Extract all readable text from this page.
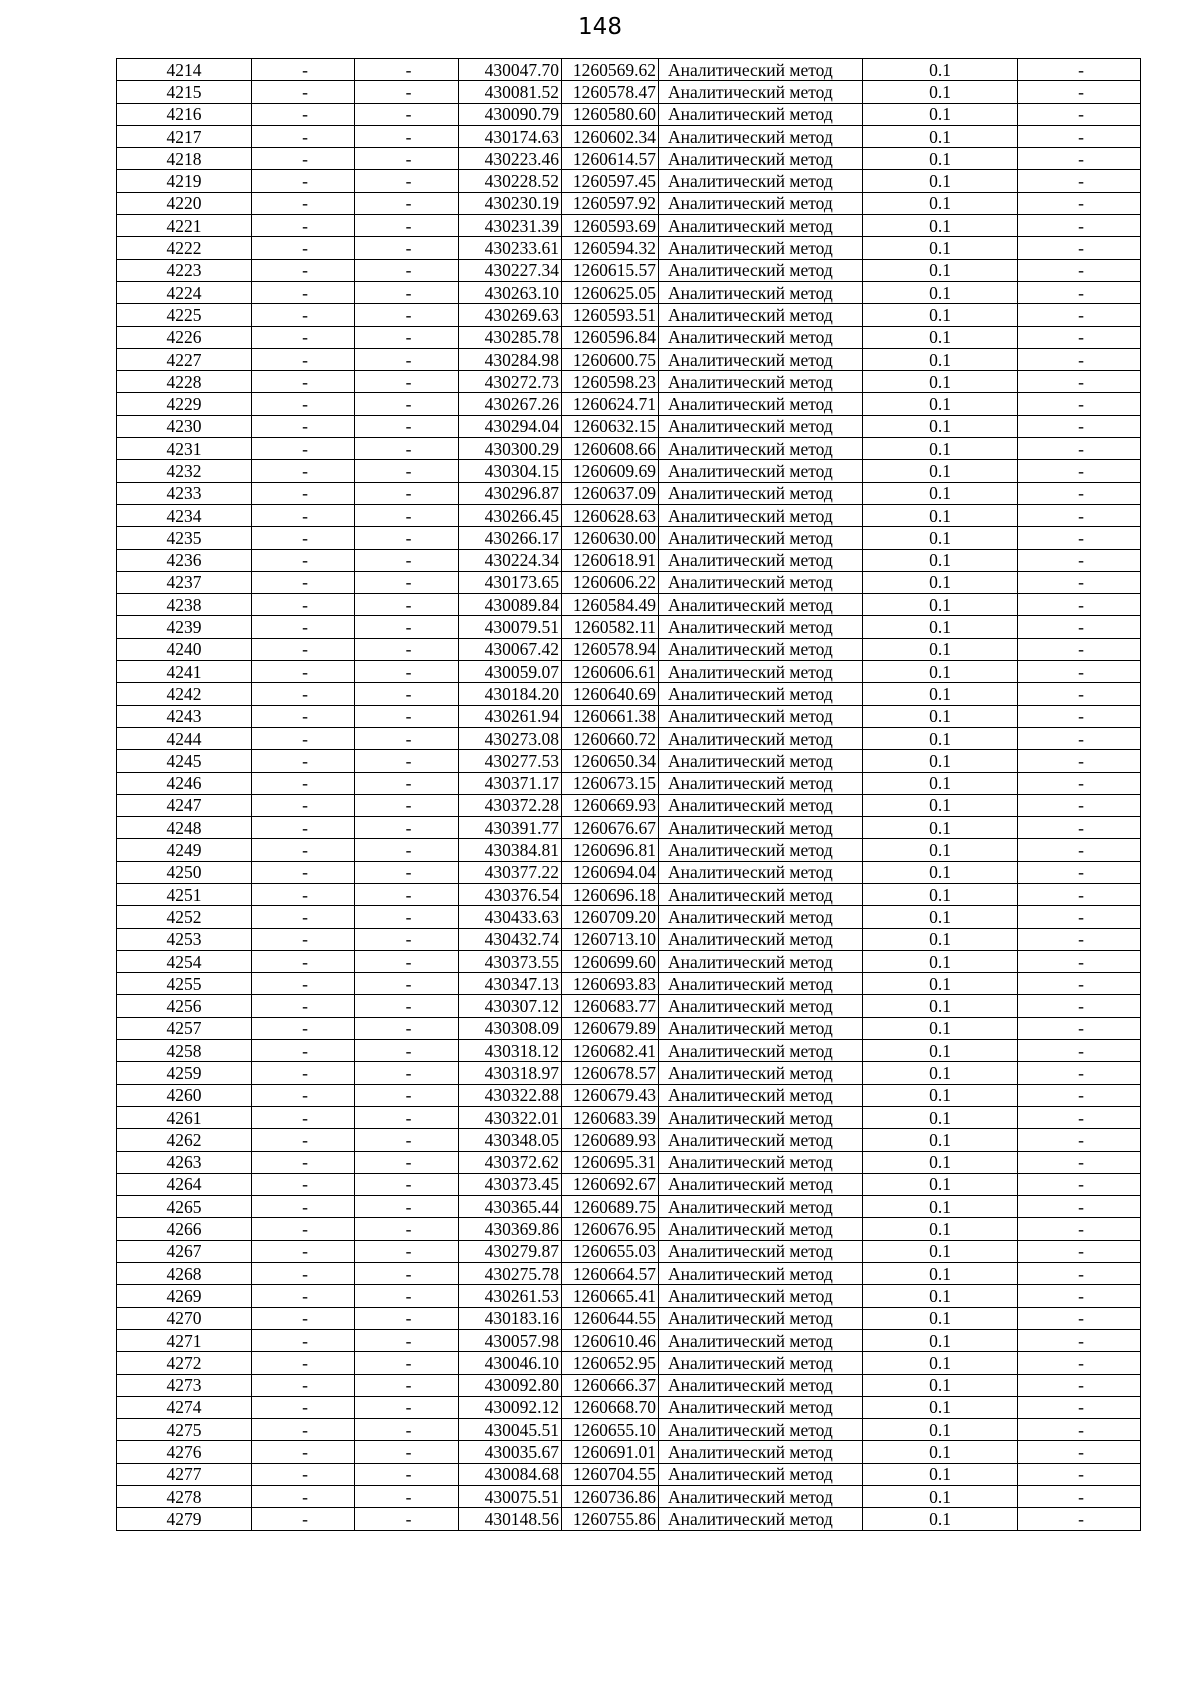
148
4214	-	-	430047.70	1260569.62	Аналитический метод	0.1	-
4215	-	-	430081.52	1260578.47	Аналитический метод	0.1	-
4216	-	-	430090.79	1260580.60	Аналитический метод	0.1	-
4217	-	-	430174.63	1260602.34	Аналитический метод	0.1	-
4218	-	-	430223.46	1260614.57	Аналитический метод	0.1	-
4219	-	-	430228.52	1260597.45	Аналитический метод	0.1	-
4220	-	-	430230.19	1260597.92	Аналитический метод	0.1	-
4221	-	-	430231.39	1260593.69	Аналитический метод	0.1	-
4222	-	-	430233.61	1260594.32	Аналитический метод	0.1	-
4223	-	-	430227.34	1260615.57	Аналитический метод	0.1	-
4224	-	-	430263.10	1260625.05	Аналитический метод	0.1	-
4225	-	-	430269.63	1260593.51	Аналитический метод	0.1	-
4226	-	-	430285.78	1260596.84	Аналитический метод	0.1	-
4227	-	-	430284.98	1260600.75	Аналитический метод	0.1	-
4228	-	-	430272.73	1260598.23	Аналитический метод	0.1	-
4229	-	-	430267.26	1260624.71	Аналитический метод	0.1	-
4230	-	-	430294.04	1260632.15	Аналитический метод	0.1	-
4231	-	-	430300.29	1260608.66	Аналитический метод	0.1	-
4232	-	-	430304.15	1260609.69	Аналитический метод	0.1	-
4233	-	-	430296.87	1260637.09	Аналитический метод	0.1	-
4234	-	-	430266.45	1260628.63	Аналитический метод	0.1	-
4235	-	-	430266.17	1260630.00	Аналитический метод	0.1	-
4236	-	-	430224.34	1260618.91	Аналитический метод	0.1	-
4237	-	-	430173.65	1260606.22	Аналитический метод	0.1	-
4238	-	-	430089.84	1260584.49	Аналитический метод	0.1	-
4239	-	-	430079.51	1260582.11	Аналитический метод	0.1	-
4240	-	-	430067.42	1260578.94	Аналитический метод	0.1	-
4241	-	-	430059.07	1260606.61	Аналитический метод	0.1	-
4242	-	-	430184.20	1260640.69	Аналитический метод	0.1	-
4243	-	-	430261.94	1260661.38	Аналитический метод	0.1	-
4244	-	-	430273.08	1260660.72	Аналитический метод	0.1	-
4245	-	-	430277.53	1260650.34	Аналитический метод	0.1	-
4246	-	-	430371.17	1260673.15	Аналитический метод	0.1	-
4247	-	-	430372.28	1260669.93	Аналитический метод	0.1	-
4248	-	-	430391.77	1260676.67	Аналитический метод	0.1	-
4249	-	-	430384.81	1260696.81	Аналитический метод	0.1	-
4250	-	-	430377.22	1260694.04	Аналитический метод	0.1	-
4251	-	-	430376.54	1260696.18	Аналитический метод	0.1	-
4252	-	-	430433.63	1260709.20	Аналитический метод	0.1	-
4253	-	-	430432.74	1260713.10	Аналитический метод	0.1	-
4254	-	-	430373.55	1260699.60	Аналитический метод	0.1	-
4255	-	-	430347.13	1260693.83	Аналитический метод	0.1	-
4256	-	-	430307.12	1260683.77	Аналитический метод	0.1	-
4257	-	-	430308.09	1260679.89	Аналитический метод	0.1	-
4258	-	-	430318.12	1260682.41	Аналитический метод	0.1	-
4259	-	-	430318.97	1260678.57	Аналитический метод	0.1	-
4260	-	-	430322.88	1260679.43	Аналитический метод	0.1	-
4261	-	-	430322.01	1260683.39	Аналитический метод	0.1	-
4262	-	-	430348.05	1260689.93	Аналитический метод	0.1	-
4263	-	-	430372.62	1260695.31	Аналитический метод	0.1	-
4264	-	-	430373.45	1260692.67	Аналитический метод	0.1	-
4265	-	-	430365.44	1260689.75	Аналитический метод	0.1	-
4266	-	-	430369.86	1260676.95	Аналитический метод	0.1	-
4267	-	-	430279.87	1260655.03	Аналитический метод	0.1	-
4268	-	-	430275.78	1260664.57	Аналитический метод	0.1	-
4269	-	-	430261.53	1260665.41	Аналитический метод	0.1	-
4270	-	-	430183.16	1260644.55	Аналитический метод	0.1	-
4271	-	-	430057.98	1260610.46	Аналитический метод	0.1	-
4272	-	-	430046.10	1260652.95	Аналитический метод	0.1	-
4273	-	-	430092.80	1260666.37	Аналитический метод	0.1	-
4274	-	-	430092.12	1260668.70	Аналитический метод	0.1	-
4275	-	-	430045.51	1260655.10	Аналитический метод	0.1	-
4276	-	-	430035.67	1260691.01	Аналитический метод	0.1	-
4277	-	-	430084.68	1260704.55	Аналитический метод	0.1	-
4278	-	-	430075.51	1260736.86	Аналитический метод	0.1	-
4279	-	-	430148.56	1260755.86	Аналитический метод	0.1	-
